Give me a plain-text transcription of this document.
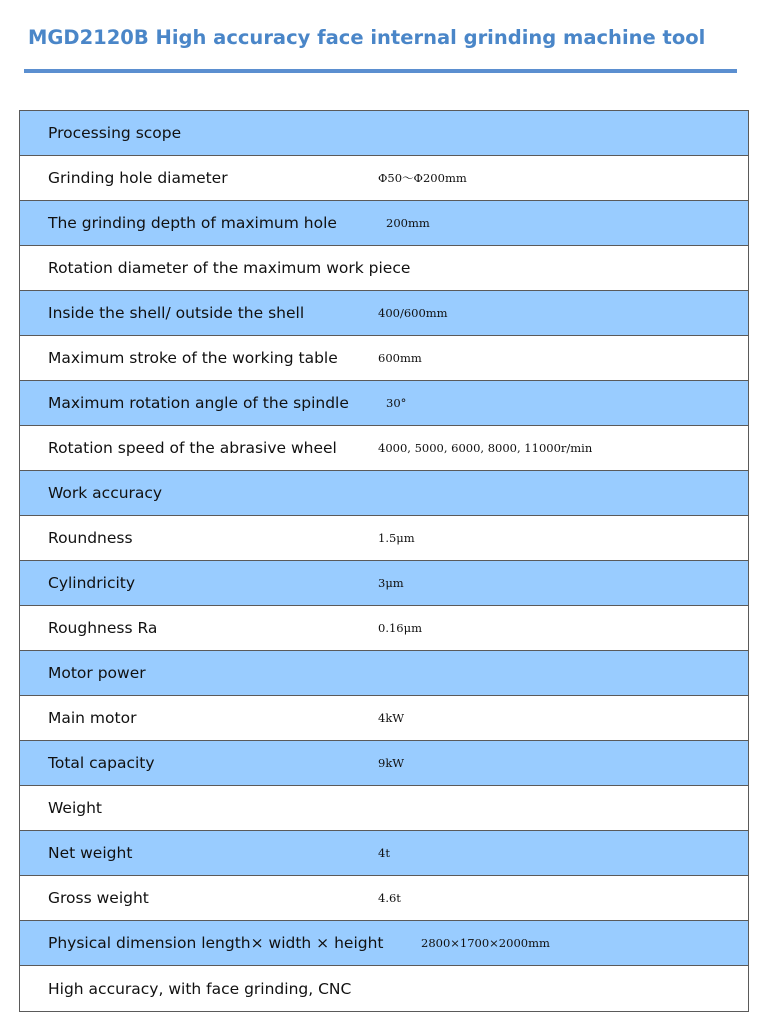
MGD2120B High accuracy face internal grinding machine tool
Processing scope
Grinding hole diameter	Φ50～Φ200mm
The grinding depth of maximum hole	200mm
Rotation diameter of the maximum work piece
Inside the shell/ outside the shell	400/600mm
Maximum stroke of the working table	600mm
Maximum rotation angle of the spindle	30°
Rotation speed of the abrasive wheel	4000, 5000, 6000, 8000, 11000r/min
Work accuracy
Roundness	1.5μm
Cylindricity	3μm
Roughness Ra	0.16μm
Motor power
Main motor	4kW
Total capacity	9kW
Weight
Net weight	4t
Gross weight	4.6t
Physical dimension length× width × height	2800×1700×2000mm
High accuracy, with face grinding, CNC
